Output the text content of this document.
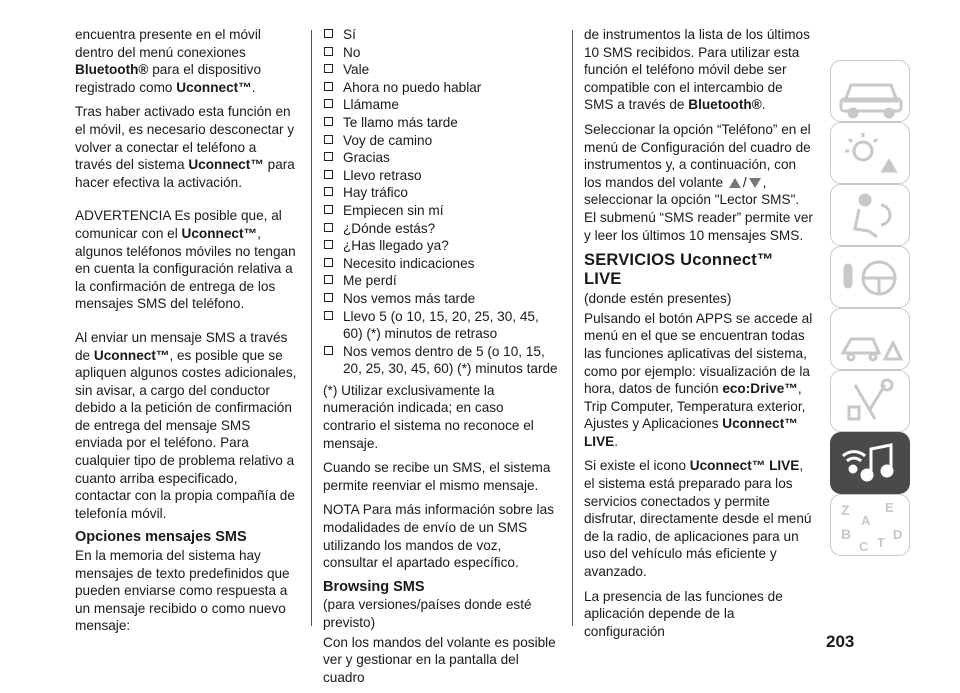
encuentra presente en el móvil dentro del menú conexiones Bluetooth® para el dispositivo registrado como Uconnect™.

Tras haber activado esta función en el móvil, es necesario desconectar y volver a conectar el teléfono a través del sistema Uconnect™ para hacer efectiva la activación.

ADVERTENCIA Es posible que, al comunicar con el Uconnect™, algunos teléfonos móviles no tengan en cuenta la configuración relativa a la confirmación de entrega de los mensajes SMS del teléfono.

Al enviar un mensaje SMS a través de Uconnect™, es posible que se apliquen algunos costes adicionales, sin avisar, a cargo del conductor debido a la petición de confirmación de entrega del mensaje SMS enviada por el teléfono. Para cualquier tipo de problema relativo a cuanto arriba especificado, contactar con la propia compañía de telefonía móvil.

Opciones mensajes SMS

En la memoria del sistema hay mensajes de texto predefinidos que pueden enviarse como respuesta a un mensaje recibido o como nuevo mensaje:

Sí
No
Vale
Ahora no puedo hablar
Llámame
Te llamo más tarde
Voy de camino
Gracias
Llevo retraso
Hay tráfico
Empiecen sin mí
¿Dónde estás?
¿Has llegado ya?
Necesito indicaciones
Me perdí
Nos vemos más tarde
Llevo 5 (o 10, 15, 20, 25, 30, 45, 60) (*) minutos de retraso
Nos vemos dentro de 5 (o 10, 15, 20, 25, 30, 45, 60) (*) minutos tarde

(*) Utilizar exclusivamente la numeración indicada; en caso contrario el sistema no reconoce el mensaje.

Cuando se recibe un SMS, el sistema permite reenviar el mismo mensaje.

NOTA Para más información sobre las modalidades de envío de un SMS utilizando los mandos de voz, consultar el apartado específico.

Browsing SMS

(para versiones/países donde esté previsto)

Con los mandos del volante es posible ver y gestionar en la pantalla del cuadro

de instrumentos la lista de los últimos 10 SMS recibidos. Para utilizar esta función el teléfono móvil debe ser compatible con el intercambio de SMS a través de Bluetooth®.

Seleccionar la opción “Teléfono” en el menú de Configuración del cuadro de instrumentos y, a continuación, con los mandos del volante / , seleccionar la opción "Lector SMS". El submenú “SMS reader” permite ver y leer los últimos 10 mensajes SMS.

SERVICIOS Uconnect™ LIVE

(donde estén presentes)

Pulsando el botón APPS se accede al menú en el que se encuentran todas las funciones aplicativas del sistema, como por ejemplo: visualización de la hora, datos de función eco:Drive™, Trip Computer, Temperatura exterior, Ajustes y Aplicaciones Uconnect™ LIVE.

Si existe el icono Uconnect™ LIVE, el sistema está preparado para los servicios conectados y permite disfrutar, directamente desde el menú de la radio, de aplicaciones para un uso del vehículo más eficiente y avanzado.

La presencia de las funciones de aplicación depende de la configuración

Z	E
A
B
C T
D
203
